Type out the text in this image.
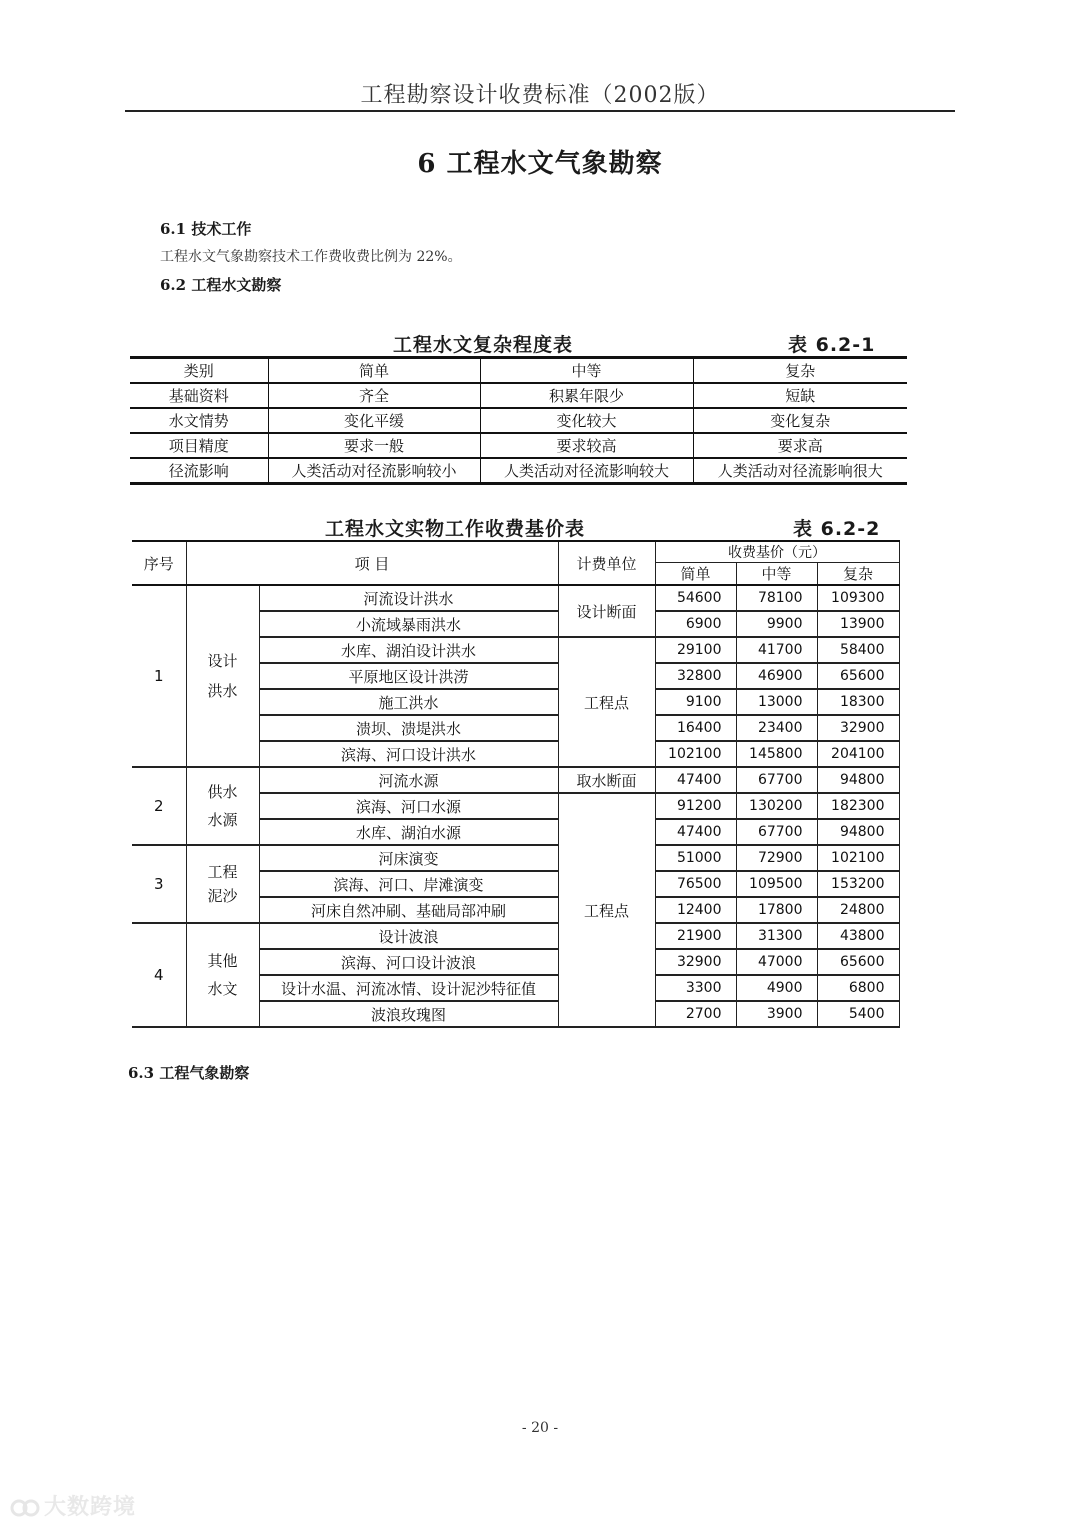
工程勘察设计收费标准（2002版）
6 工程水文气象勘察
6.1 技术工作
工程水文气象勘察技术工作费收费比例为 22%。
6.2 工程水文勘察
工程水文复杂程度表	表 6.2-1
类别	简单	中等	复杂
基础资料	齐全	积累年限少	短缺
水文情势	变化平缓	变化较大	变化复杂
项目精度	要求一般	要求较高	要求高
径流影响	人类活动对径流影响较小	人类活动对径流影响较大	人类活动对径流影响很大
工程水文实物工作收费基价表	表 6.2-2
序号	项 目		计费单位	收费基价（元）		
				简单	中等	复杂
1	设计洪水	河流设计洪水	设计断面	54600	78100	109300
		小流域暴雨洪水		6900	9900	13900
		水库、湖泊设计洪水	工程点	29100	41700	58400
		平原地区设计洪涝		32800	46900	65600
		施工洪水		9100	13000	18300
		溃坝、溃堤洪水		16400	23400	32900
		滨海、河口设计洪水		102100	145800	204100
2	供水水源	河流水源	取水断面	47400	67700	94800
		滨海、河口水源	工程点	91200	130200	182300
		水库、湖泊水源		47400	67700	94800
3	工程泥沙	河床演变		51000	72900	102100
		滨海、河口、岸滩演变		76500	109500	153200
		河床自然冲刷、基础局部冲刷		12400	17800	24800
4	其他水文	设计波浪		21900	31300	43800
		滨海、河口设计波浪		32900	47000	65600
		设计水温、河流冰情、设计泥沙特征值		3300	4900	6800
		波浪玫瑰图		2700	3900	5400
6.3 工程气象勘察
- 20 -
大数跨境
